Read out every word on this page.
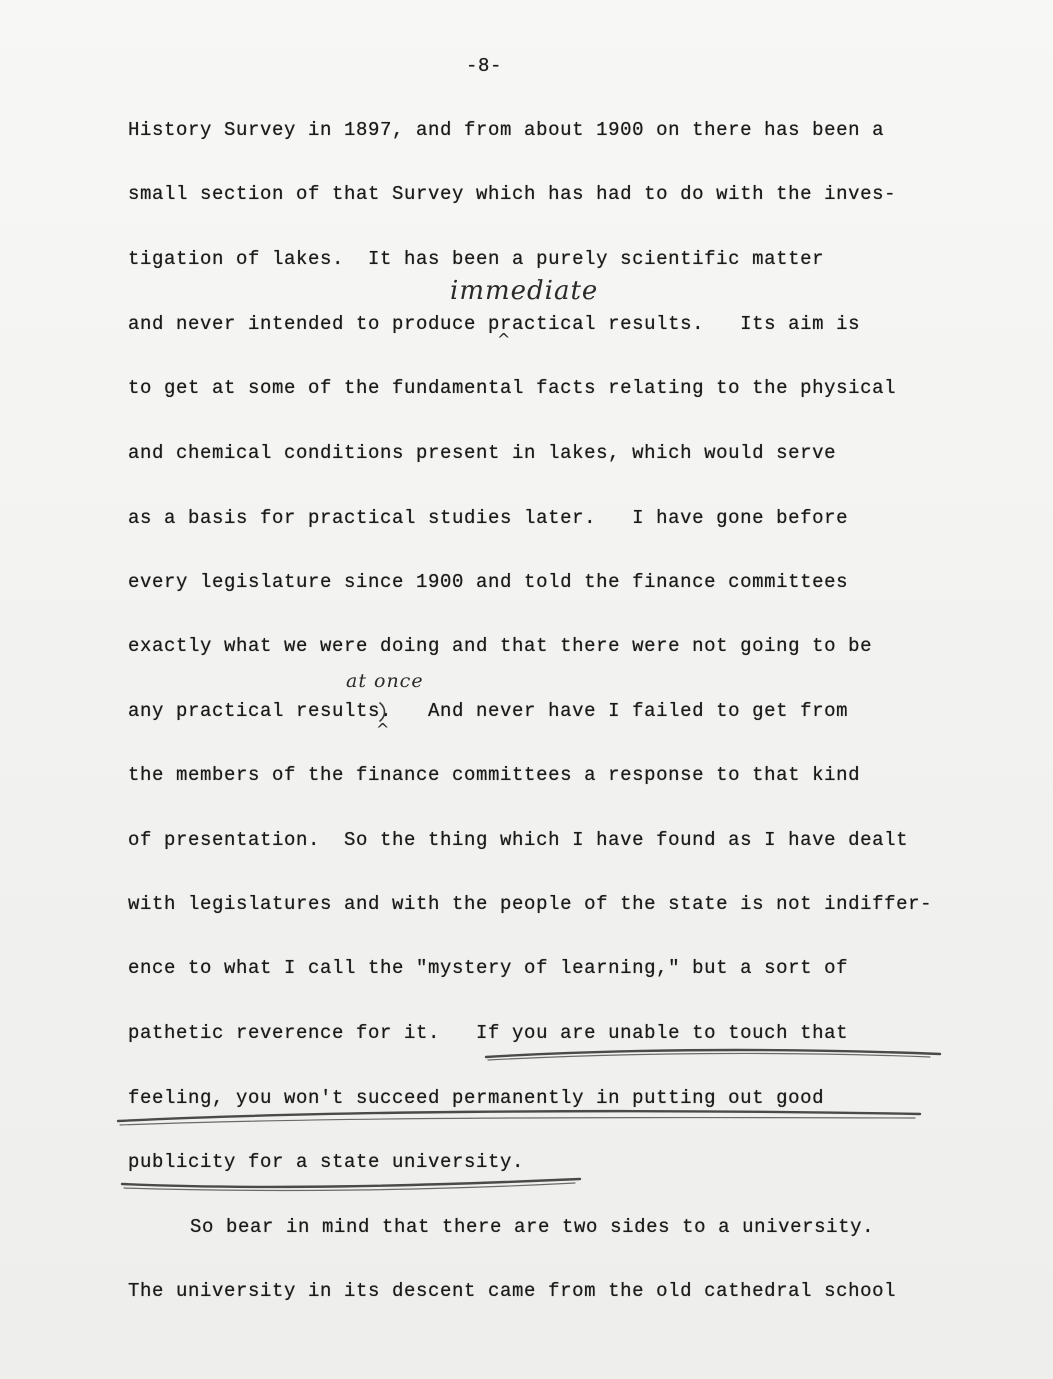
​
-8-
History Survey in 1897, and from about 1900 on there has been a
small section of that Survey which has had to do with the inves-
tigation of lakes.  It has been a purely scientific matter
and never intended to produce practical results.   Its aim is
to get at some of the fundamental facts relating to the physical
and chemical conditions present in lakes, which would serve
as a basis for practical studies later.   I have gone before
every legislature since 1900 and told the finance committees
exactly what we were doing and that there were not going to be
any practical results.   And never have I failed to get from
the members of the finance committees a response to that kind
of presentation.  So the thing which I have found as I have dealt
with legislatures and with the people of the state is not indiffer-
ence to what I call the "mystery of learning," but a sort of
pathetic reverence for it.   If you are unable to touch that
feeling, you won't succeed permanently in putting out good
publicity for a state university.
So bear in mind that there are two sides to a university.
The university in its descent came from the old cathedral school
immediate
^
at once
^
